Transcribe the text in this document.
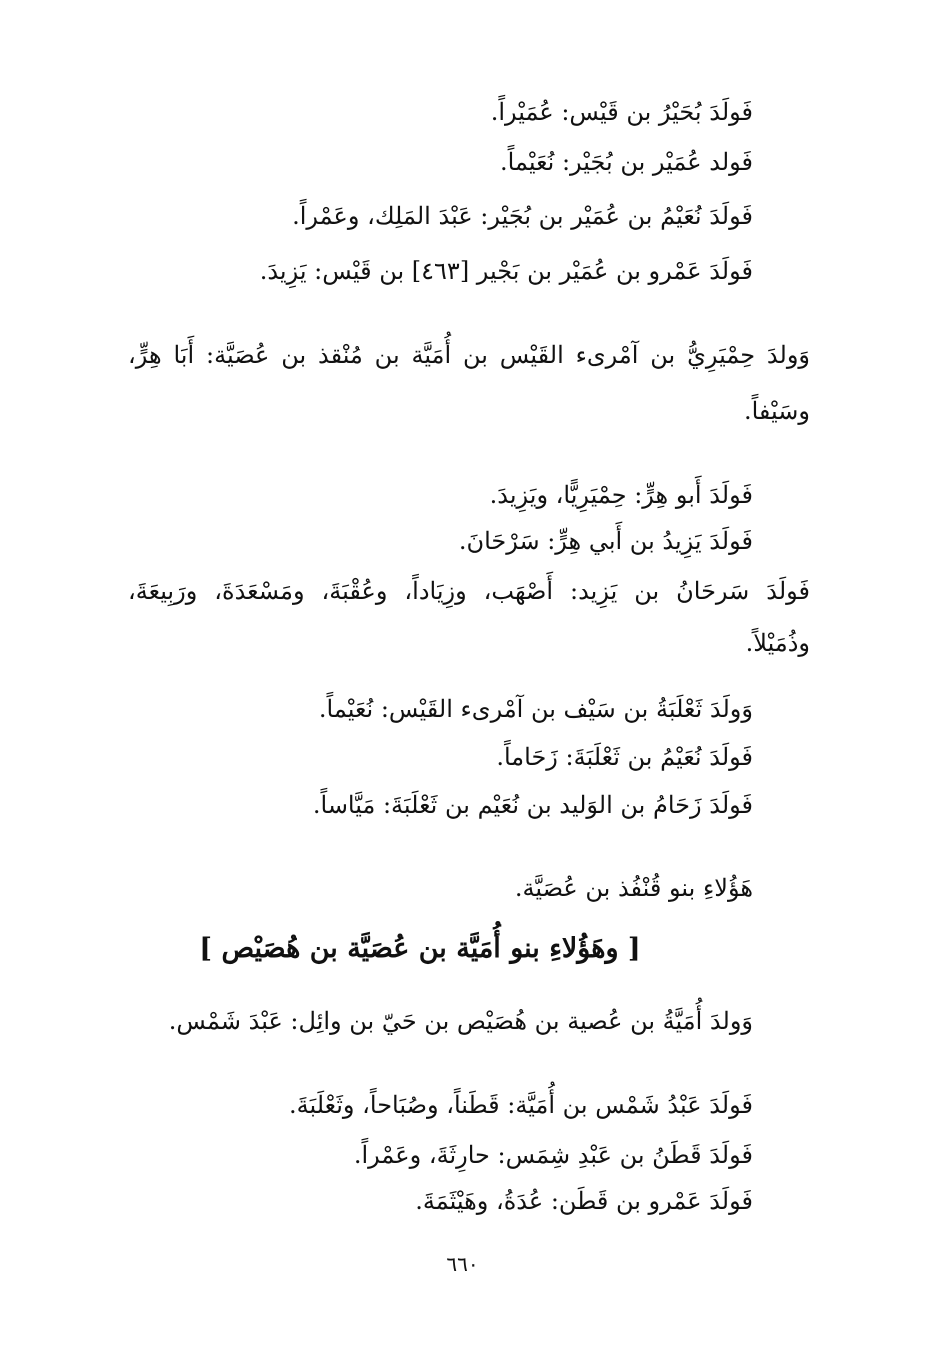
فَولَدَ بُحَيْرُ بن قَيْس: عُمَيْراً.
فَولد عُمَيْر بن بُجَيْر: نُعَيْماً.
فَولَدَ نُعَيْمُ بن عُمَيْر بن بُجَيْر: عَبْدَ المَلِك، وعَمْراً.
فَولَدَ عَمْرو بن عُمَيْر بن بَجْير [٤٦٣] بن قَيْس: يَزِيدَ.
وَولدَ حِمْيَرِيُّ بن آمْرىء القَيْس بن أُمَيَّة بن مُنْقذ بن عُصَيَّة: أَبَا هِرٍّ،
وسَيْفاً.
فَولَدَ أَبو هِرٍّ: حِمْيَرِيًّا، ويَزِيدَ.
فَولَدَ يَزِيدُ بن أَبي هِرٍّ: سَرْحَانَ.
فَولَدَ سَرحَانُ بن يَزِيد: أَصْهَب، وزِيَاداً، وعُقْبَةَ، ومَسْعَدَةَ، ورَبِيعَةَ،
وذُمَيْلاً.
وَولَدَ ثَعْلَبَةُ بن سَيْف بن آمْرىء القَيْس: نُعَيْماً.
فَولَدَ نُعَيْمُ بن ثَعْلَبَةَ: زَحَاماً.
فَولَدَ زَحَامُ بن الوَليد بن نُعَيْم بن ثَعْلَبَةَ: مَيَّاساً.
هَؤُلاءِ بنو قُنْفُذ بن عُصَيَّة.
[ وهَؤُلاءِ بنو أُمَيَّة بن عُصَيَّة بن هُصَيْص ]
وَولدَ أُمَيَّةُ بن عُصية بن هُصَيْص بن حَيّ بن وائِل: عَبْدَ شَمْس.
فَولَدَ عَبْدُ شَمْس بن أُمَيَّة: قَطَناً، وصُبَاحاً، وثَعْلَبَةَ.
فَولَدَ قَطَنُ بن عَبْدِ شِمَس: حارِثَةَ، وعَمْراً.
فَولَدَ عَمْرو بن قَطَن: عُدَةُ، وهَيْثَمَةَ.
٦٦٠
